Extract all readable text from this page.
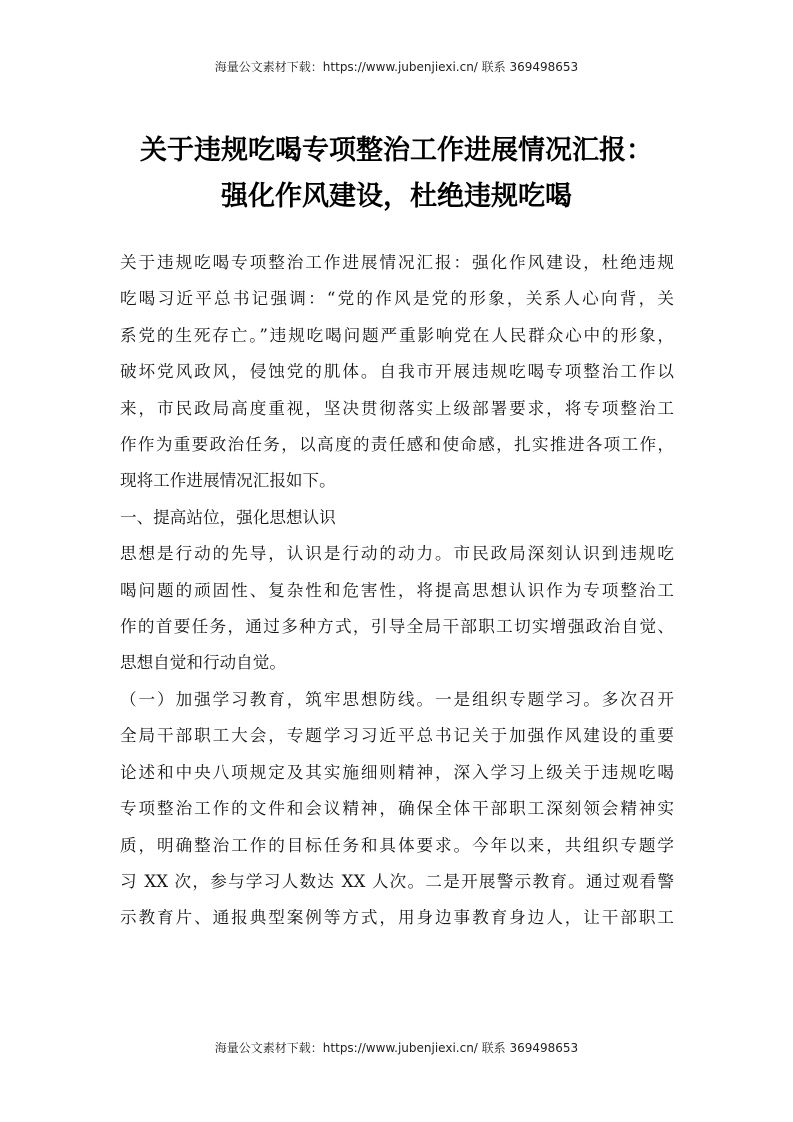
海量公文素材下载：https://www.jubenjiexi.cn/ 联系 369498653
关于违规吃喝专项整治工作进展情况汇报：
强化作风建设，杜绝违规吃喝
关于违规吃喝专项整治工作进展情况汇报：强化作风建设，杜绝违规
吃喝习近平总书记强调：“党的作风是党的形象，关系人心向背，关
系党的生死存亡。”违规吃喝问题严重影响党在人民群众心中的形象，
破坏党风政风，侵蚀党的肌体。自我市开展违规吃喝专项整治工作以
来，市民政局高度重视，坚决贯彻落实上级部署要求，将专项整治工
作作为重要政治任务，以高度的责任感和使命感，扎实推进各项工作，
现将工作进展情况汇报如下。
一、提高站位，强化思想认识
思想是行动的先导，认识是行动的动力。市民政局深刻认识到违规吃
喝问题的顽固性、复杂性和危害性，将提高思想认识作为专项整治工
作的首要任务，通过多种方式，引导全局干部职工切实增强政治自觉、
思想自觉和行动自觉。
（一）加强学习教育，筑牢思想防线。一是组织专题学习。多次召开
全局干部职工大会，专题学习习近平总书记关于加强作风建设的重要
论述和中央八项规定及其实施细则精神，深入学习上级关于违规吃喝
专项整治工作的文件和会议精神，确保全体干部职工深刻领会精神实
质，明确整治工作的目标任务和具体要求。今年以来，共组织专题学
习 XX 次，参与学习人数达 XX 人次。二是开展警示教育。通过观看警
示教育片、通报典型案例等方式，用身边事教育身边人，让干部职工
海量公文素材下载：https://www.jubenjiexi.cn/ 联系 369498653
